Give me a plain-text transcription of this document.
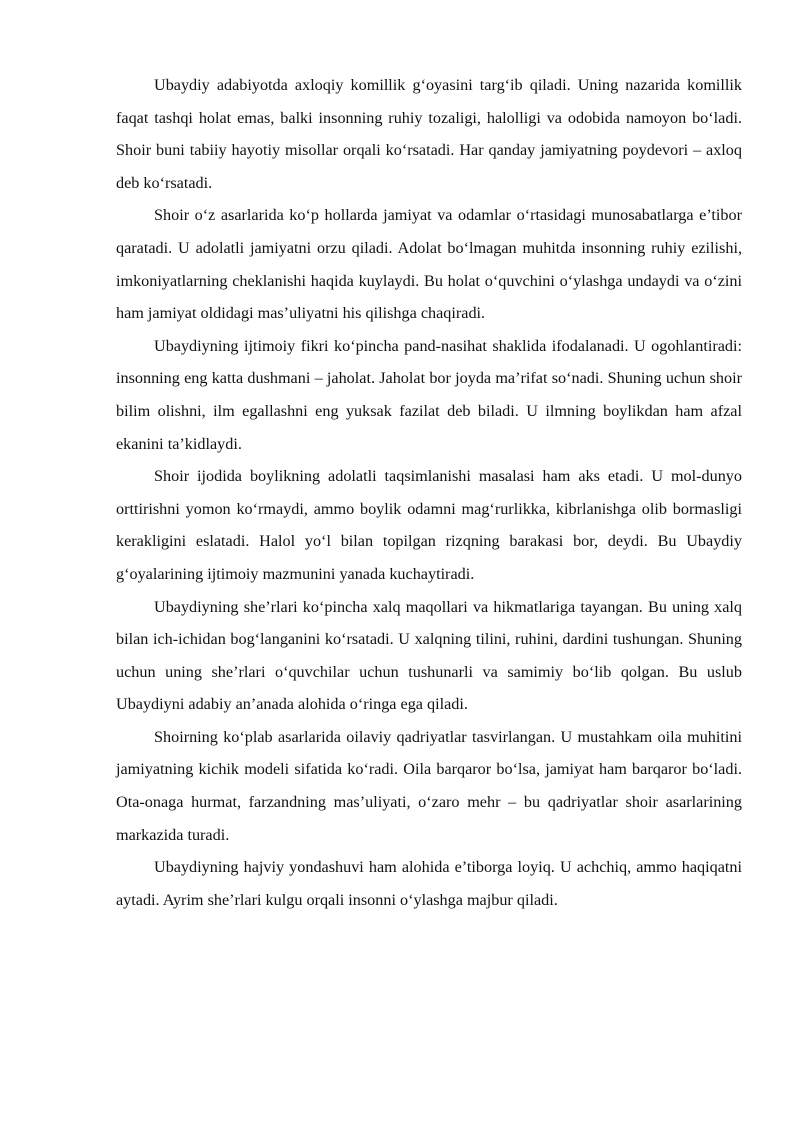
Ubaydiy adabiyotda axloqiy komillik g‘oyasini targ‘ib qiladi. Uning nazarida komillik faqat tashqi holat emas, balki insonning ruhiy tozaligi, halolligi va odobida namoyon bo‘ladi. Shoir buni tabiiy hayotiy misollar orqali ko‘rsatadi. Har qanday jamiyatning poydevori – axloq deb ko‘rsatadi.

Shoir o‘z asarlarida ko‘p hollarda jamiyat va odamlar o‘rtasidagi munosabatlarga e’tibor qaratadi. U adolatli jamiyatni orzu qiladi. Adolat bo‘lmagan muhitda insonning ruhiy ezilishi, imkoniyatlarning cheklanishi haqida kuylaydi. Bu holat o‘quvchini o‘ylashga undaydi va o‘zini ham jamiyat oldidagi mas’uliyatni his qilishga chaqiradi.

Ubaydiyning ijtimoiy fikri ko‘pincha pand-nasihat shaklida ifodalanadi. U ogohlantiradi: insonning eng katta dushmani – jaholat. Jaholat bor joyda ma’rifat so‘nadi. Shuning uchun shoir bilim olishni, ilm egallashni eng yuksak fazilat deb biladi. U ilmning boylikdan ham afzal ekanini ta’kidlaydi.

Shoir ijodida boylikning adolatli taqsimlanishi masalasi ham aks etadi. U mol-dunyo orttirishni yomon ko‘rmaydi, ammo boylik odamni mag‘rurlikka, kibrlanishga olib bormasligi kerakligini eslatadi. Halol yo‘l bilan topilgan rizqning barakasi bor, deydi. Bu Ubaydiy g‘oyalarining ijtimoiy mazmunini yanada kuchaytiradi.

Ubaydiyning she’rlari ko‘pincha xalq maqollari va hikmatlariga tayangan. Bu uning xalq bilan ich-ichidan bog‘langanini ko‘rsatadi. U xalqning tilini, ruhini, dardini tushungan. Shuning uchun uning she’rlari o‘quvchilar uchun tushunarli va samimiy bo‘lib qolgan. Bu uslub Ubaydiyni adabiy an’anada alohida o‘ringa ega qiladi.

Shoirning ko‘plab asarlarida oilaviy qadriyatlar tasvirlangan. U mustahkam oila muhitini jamiyatning kichik modeli sifatida ko‘radi. Oila barqaror bo‘lsa, jamiyat ham barqaror bo‘ladi. Ota-onaga hurmat, farzandning mas’uliyati, o‘zaro mehr – bu qadriyatlar shoir asarlarining markazida turadi.

Ubaydiyning hajviy yondashuvi ham alohida e’tiborga loyiq. U achchiq, ammo haqiqatni aytadi. Ayrim she’rlari kulgu orqali insonni o‘ylashga majbur qiladi.
